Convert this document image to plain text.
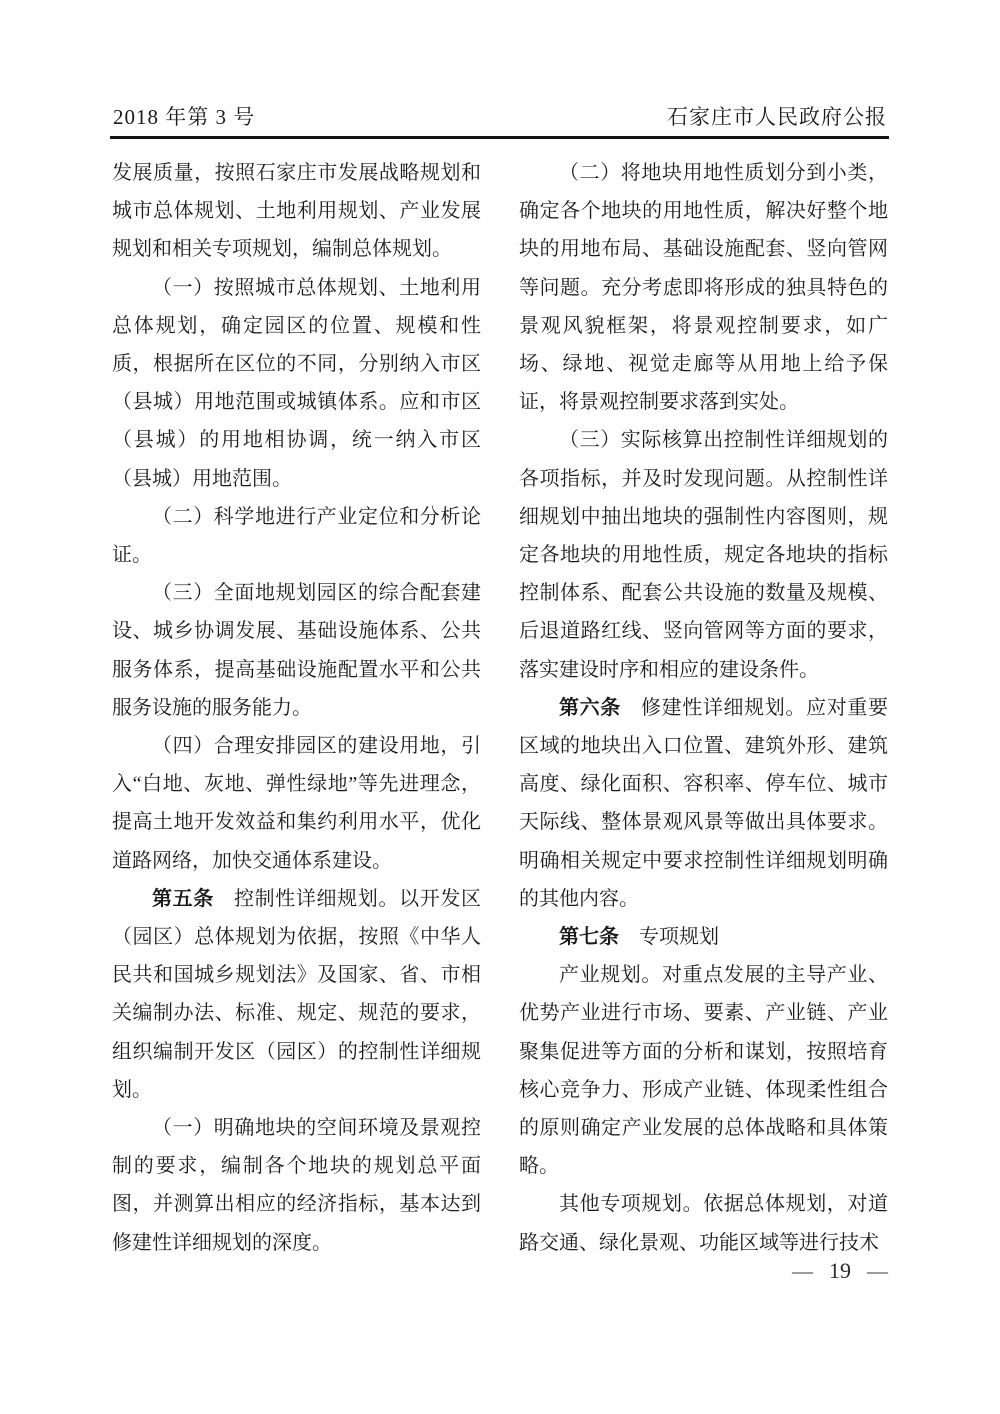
2018 年第 3 号	石家庄市人民政府公报

发展质量，按照石家庄市发展战略规划和城市总体规划、土地利用规划、产业发展规划和相关专项规划，编制总体规划。

（一）按照城市总体规划、土地利用总体规划，确定园区的位置、规模和性质，根据所在区位的不同，分别纳入市区（县城）用地范围或城镇体系。应和市区（县城）的用地相协调，统一纳入市区（县城）用地范围。

（二）科学地进行产业定位和分析论证。

（三）全面地规划园区的综合配套建设、城乡协调发展、基础设施体系、公共服务体系，提高基础设施配置水平和公共服务设施的服务能力。

（四）合理安排园区的建设用地，引入“白地、灰地、弹性绿地”等先进理念，提高土地开发效益和集约利用水平，优化道路网络，加快交通体系建设。

第五条 控制性详细规划。以开发区（园区）总体规划为依据，按照《中华人民共和国城乡规划法》及国家、省、市相关编制办法、标准、规定、规范的要求，组织编制开发区（园区）的控制性详细规划。

（一）明确地块的空间环境及景观控制的要求，编制各个地块的规划总平面图，并测算出相应的经济指标，基本达到修建性详细规划的深度。

（二）将地块用地性质划分到小类，确定各个地块的用地性质，解决好整个地块的用地布局、基础设施配套、竖向管网等问题。充分考虑即将形成的独具特色的景观风貌框架，将景观控制要求，如广场、绿地、视觉走廊等从用地上给予保证，将景观控制要求落到实处。

（三）实际核算出控制性详细规划的各项指标，并及时发现问题。从控制性详细规划中抽出地块的强制性内容图则，规定各地块的用地性质，规定各地块的指标控制体系、配套公共设施的数量及规模、后退道路红线、竖向管网等方面的要求，落实建设时序和相应的建设条件。

第六条 修建性详细规划。应对重要区域的地块出入口位置、建筑外形、建筑高度、绿化面积、容积率、停车位、城市天际线、整体景观风景等做出具体要求。明确相关规定中要求控制性详细规划明确的其他内容。

第七条 专项规划

产业规划。对重点发展的主导产业、优势产业进行市场、要素、产业链、产业聚集促进等方面的分析和谋划，按照培育核心竞争力、形成产业链、体现柔性组合的原则确定产业发展的总体战略和具体策略。

其他专项规划。依据总体规划，对道路交通、绿化景观、功能区域等进行技术

— 19 —
